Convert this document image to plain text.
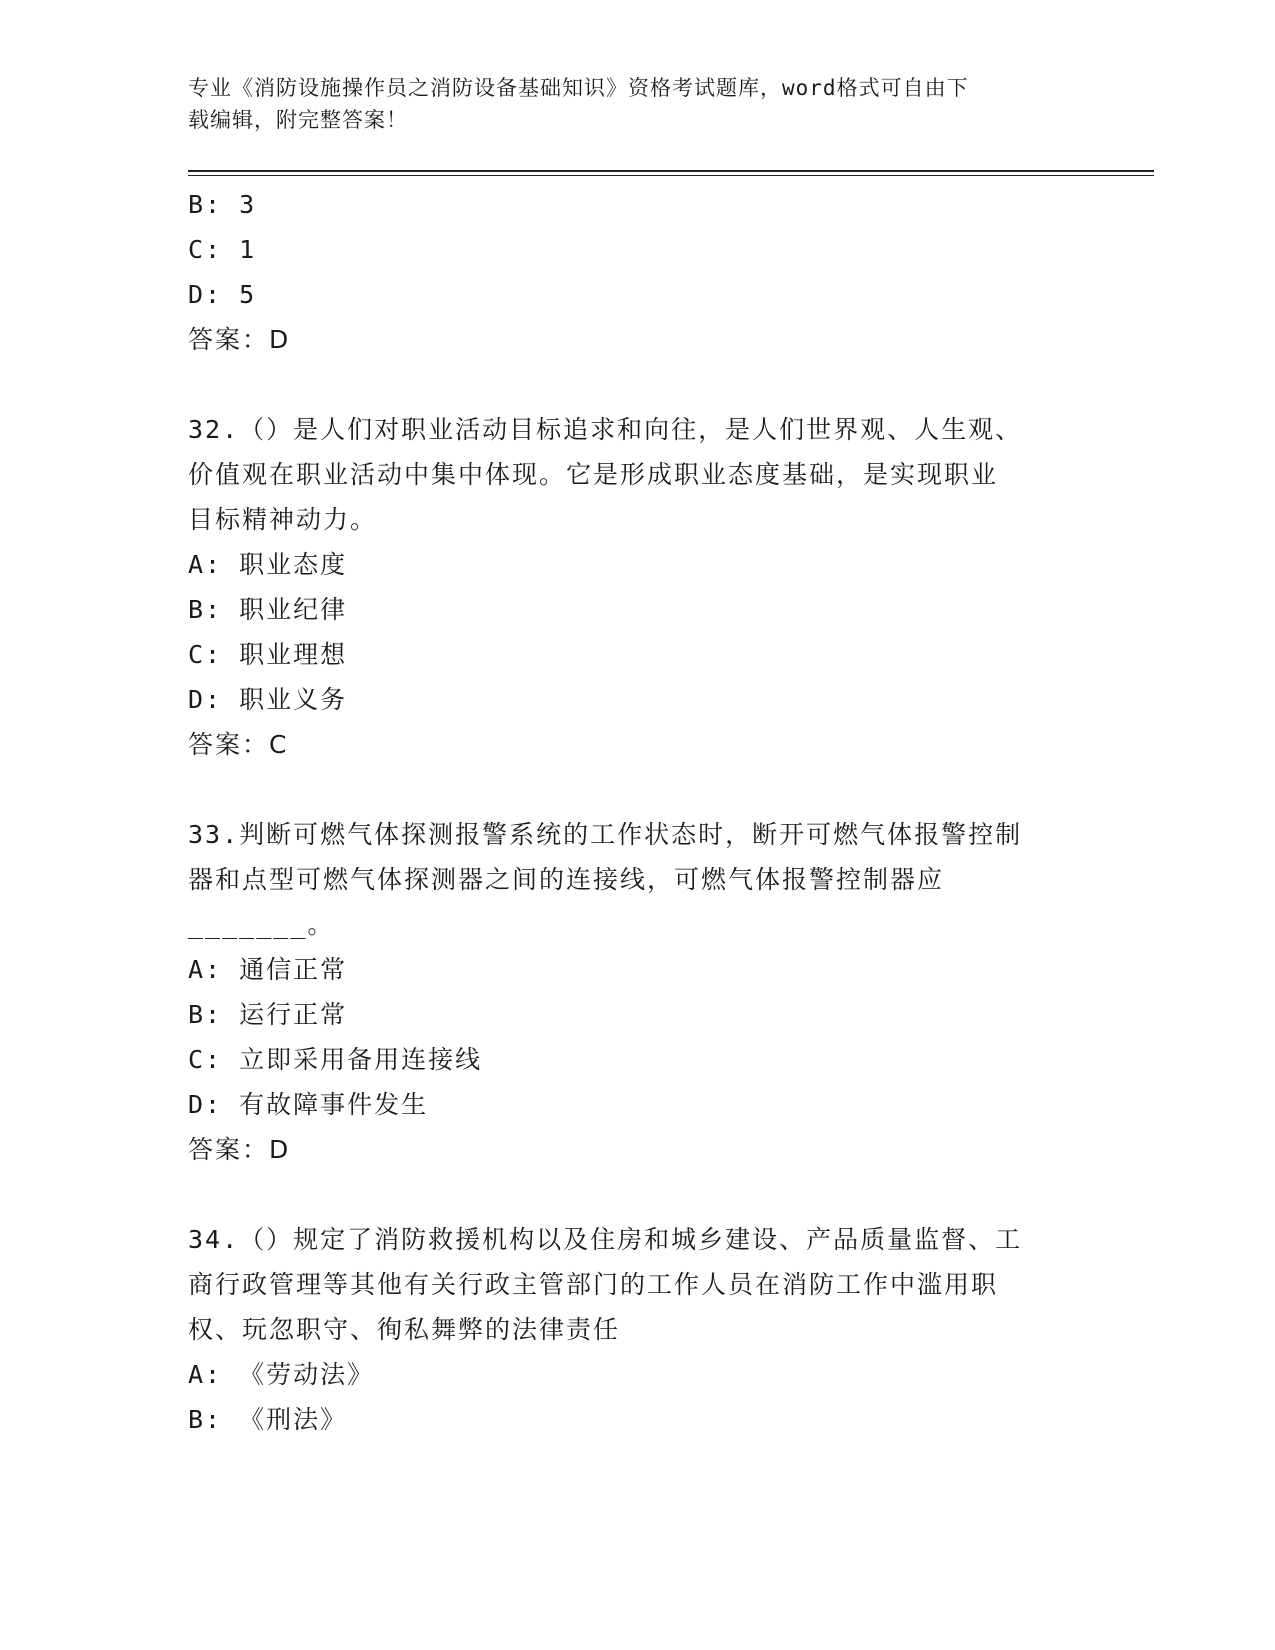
专业《消防设施操作员之消防设备基础知识》资格考试题库，word格式可自由下

载编辑，附完整答案！

B: 3
C: 1
D: 5
答案：D
32.（）是人们对职业活动目标追求和向往，是人们世界观、人生观、
价值观在职业活动中集中体现。它是形成职业态度基础，是实现职业
目标精神动力。
A: 职业态度
B: 职业纪律
C: 职业理想
D: 职业义务
答案：C
33.判断可燃气体探测报警系统的工作状态时，断开可燃气体报警控制
器和点型可燃气体探测器之间的连接线，可燃气体报警控制器应
_______。
A: 通信正常
B: 运行正常
C: 立即采用备用连接线
D: 有故障事件发生
答案：D
34.（）规定了消防救援机构以及住房和城乡建设、产品质量监督、工
商行政管理等其他有关行政主管部门的工作人员在消防工作中滥用职
权、玩忽职守、徇私舞弊的法律责任
A: 《劳动法》
B: 《刑法》
